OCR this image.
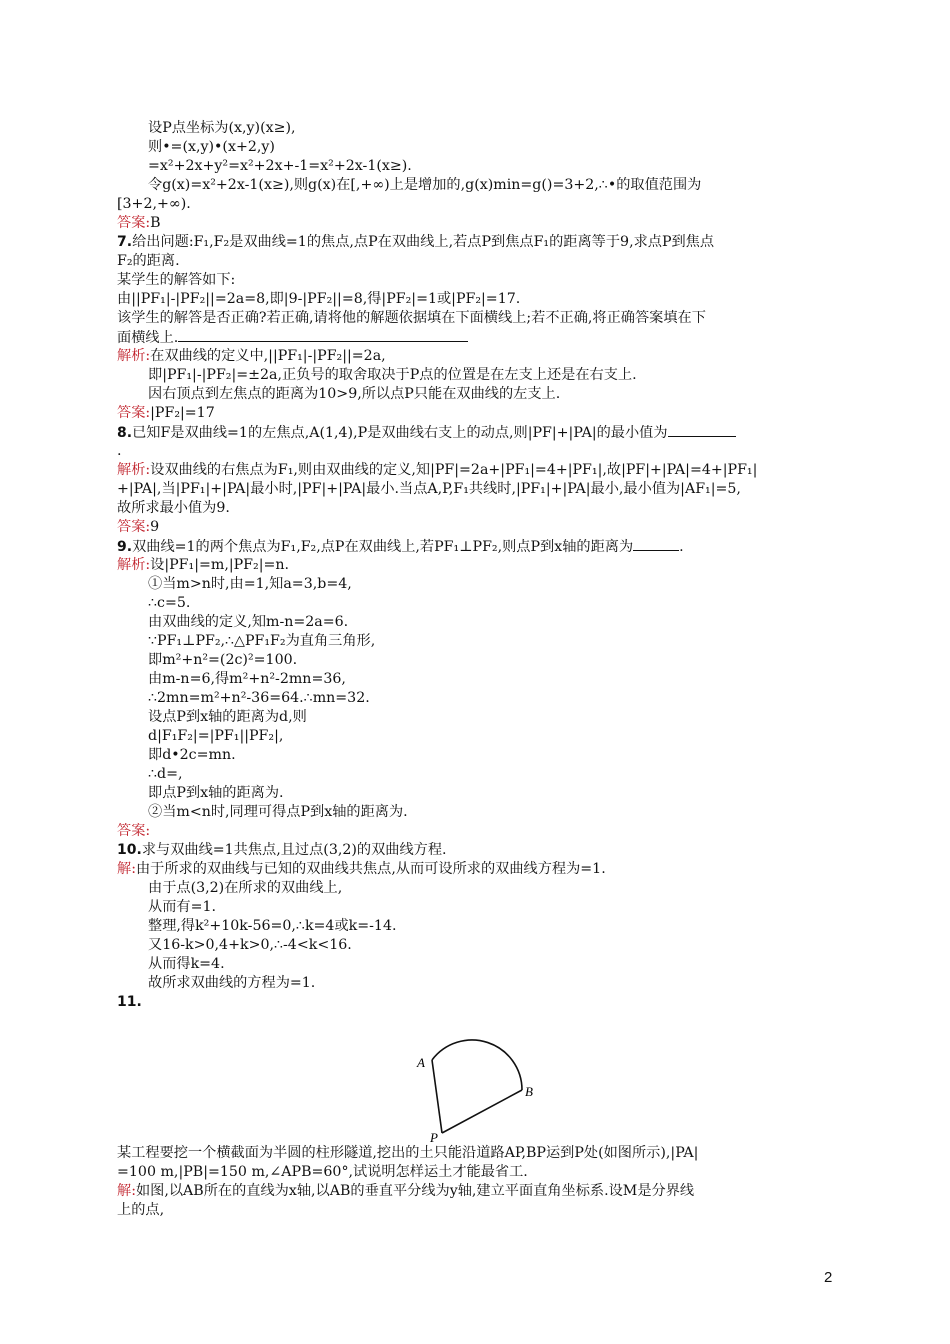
设P点坐标为(x,y)(x≥),
则•=(x,y)•(x+2,y)
=x²+2x+y²=x²+2x+-1=x²+2x-1(x≥).
令g(x)=x²+2x-1(x≥),则g(x)在[,+∞)上是增加的,g(x)min=g()=3+2,∴•的取值范围为
[3+2,+∞).
答案:B
7.给出问题:F₁,F₂是双曲线=1的焦点,点P在双曲线上,若点P到焦点F₁的距离等于9,求点P到焦点
F₂的距离.
某学生的解答如下:
由||PF₁|-|PF₂||=2a=8,即|9-|PF₂||=8,得|PF₂|=1或|PF₂|=17.
该学生的解答是否正确?若正确,请将他的解题依据填在下面横线上;若不正确,将正确答案填在下
面横线上.
解析:在双曲线的定义中,||PF₁|-|PF₂||=2a,
即|PF₁|-|PF₂|=±2a,正负号的取舍取决于P点的位置是在左支上还是在右支上.
因右顶点到左焦点的距离为10>9,所以点P只能在双曲线的左支上.
答案:|PF₂|=17
8.已知F是双曲线=1的左焦点,A(1,4),P是双曲线右支上的动点,则|PF|+|PA|的最小值为
.
解析:设双曲线的右焦点为F₁,则由双曲线的定义,知|PF|=2a+|PF₁|=4+|PF₁|,故|PF|+|PA|=4+|PF₁|
+|PA|,当|PF₁|+|PA|最小时,|PF|+|PA|最小.当点A,P,F₁共线时,|PF₁|+|PA|最小,最小值为|AF₁|=5,
故所求最小值为9.
答案:9
9.双曲线=1的两个焦点为F₁,F₂,点P在双曲线上,若PF₁⊥PF₂,则点P到x轴的距离为	.
解析:设|PF₁|=m,|PF₂|=n.
①当m>n时,由=1,知a=3,b=4,
∴c=5.
由双曲线的定义,知m-n=2a=6.
∵PF₁⊥PF₂,∴△PF₁F₂为直角三角形,
即m²+n²=(2c)²=100.
由m-n=6,得m²+n²-2mn=36,
∴2mn=m²+n²-36=64.∴mn=32.
设点P到x轴的距离为d,则
d|F₁F₂|=|PF₁||PF₂|,
即d•2c=mn.
∴d=,
即点P到x轴的距离为.
②当m<n时,同理可得点P到x轴的距离为.
答案:
10.求与双曲线=1共焦点,且过点(3,2)的双曲线方程.
解:由于所求的双曲线与已知的双曲线共焦点,从而可设所求的双曲线方程为=1.
由于点(3,2)在所求的双曲线上,
从而有=1.
整理,得k²+10k-56=0,∴k=4或k=-14.
又16-k>0,4+k>0,∴-4<k<16.
从而得k=4.
故所求双曲线的方程为=1.
11.
某工程要挖一个横截面为半圆的柱形隧道,挖出的土只能沿道路AP,BP运到P处(如图所示),|PA|
=100 m,|PB|=150 m,∠APB=60°,试说明怎样运土才能最省工.
解:如图,以AB所在的直线为x轴,以AB的垂直平分线为y轴,建立平面直角坐标系.设M是分界线
上的点,
A
B
P
2
